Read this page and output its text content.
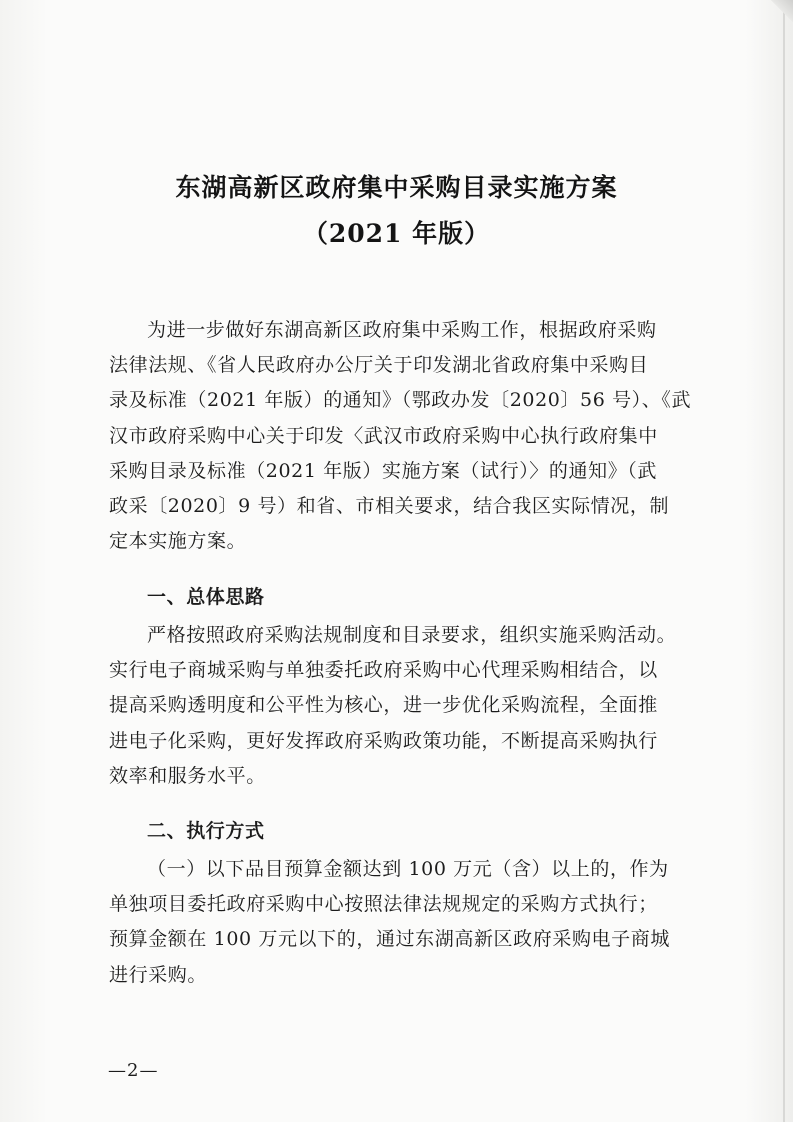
东湖高新区政府集中采购目录实施方案
（2021 年版）
为进一步做好东湖高新区政府集中采购工作，根据政府采购
法律法规、《省人民政府办公厅关于印发湖北省政府集中采购目
录及标准（2021 年版）的通知》（鄂政办发〔2020〕56 号）、《武
汉市政府采购中心关于印发〈武汉市政府采购中心执行政府集中
采购目录及标准（2021 年版）实施方案（试行）〉的通知》（武
政采〔2020〕9 号）和省、市相关要求，结合我区实际情况，制
定本实施方案。
一、总体思路
严格按照政府采购法规制度和目录要求，组织实施采购活动。
实行电子商城采购与单独委托政府采购中心代理采购相结合，以
提高采购透明度和公平性为核心，进一步优化采购流程，全面推
进电子化采购，更好发挥政府采购政策功能，不断提高采购执行
效率和服务水平。
二、执行方式
（一）以下品目预算金额达到 100 万元（含）以上的，作为
单独项目委托政府采购中心按照法律法规规定的采购方式执行；
预算金额在 100 万元以下的，通过东湖高新区政府采购电子商城
进行采购。
—2—
